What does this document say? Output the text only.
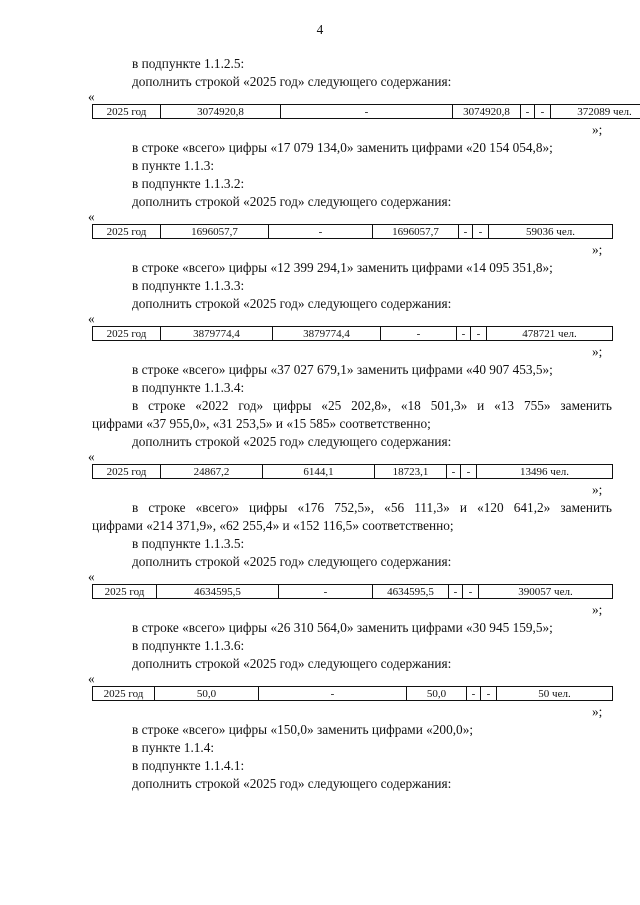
4
в подпункте 1.1.2.5:
дополнить строкой «2025 год» следующего содержания:
«
2025 год	3074920,8	-	3074920,8	-	-	372089 чел.
»;
в строке «всего» цифры «17 079 134,0» заменить цифрами «20 154 054,8»;
в пункте 1.1.3:
в подпункте 1.1.3.2:
дополнить строкой «2025 год» следующего содержания:
«
2025 год	1696057,7	-	1696057,7	-	-	59036 чел.
»;
в строке «всего» цифры «12 399 294,1» заменить цифрами «14 095 351,8»;
в подпункте 1.1.3.3:
дополнить строкой «2025 год» следующего содержания:
«
2025 год	3879774,4	3879774,4	-	-	-	478721 чел.
»;
в строке «всего» цифры «37 027 679,1» заменить цифрами «40 907 453,5»;
в подпункте 1.1.3.4:
в строке «2022 год» цифры «25 202,8», «18 501,3» и «13 755» заменить
цифрами «37 955,0», «31 253,5» и «15 585» соответственно;
дополнить строкой «2025 год» следующего содержания:
«
2025 год	24867,2	6144,1	18723,1	-	-	13496 чел.
»;
в строке «всего» цифры «176 752,5», «56 111,3» и «120 641,2» заменить
цифрами «214 371,9», «62 255,4» и «152 116,5» соответственно;
в подпункте 1.1.3.5:
дополнить строкой «2025 год» следующего содержания:
«
2025 год	4634595,5	-	4634595,5	-	-	390057 чел.
»;
в строке «всего» цифры «26 310 564,0» заменить цифрами «30 945 159,5»;
в подпункте 1.1.3.6:
дополнить строкой «2025 год» следующего содержания:
«
2025 год	50,0	-	50,0	-	-	50 чел.
»;
в строке «всего» цифры «150,0» заменить цифрами «200,0»;
в пункте 1.1.4:
в подпункте 1.1.4.1:
дополнить строкой «2025 год» следующего содержания:
